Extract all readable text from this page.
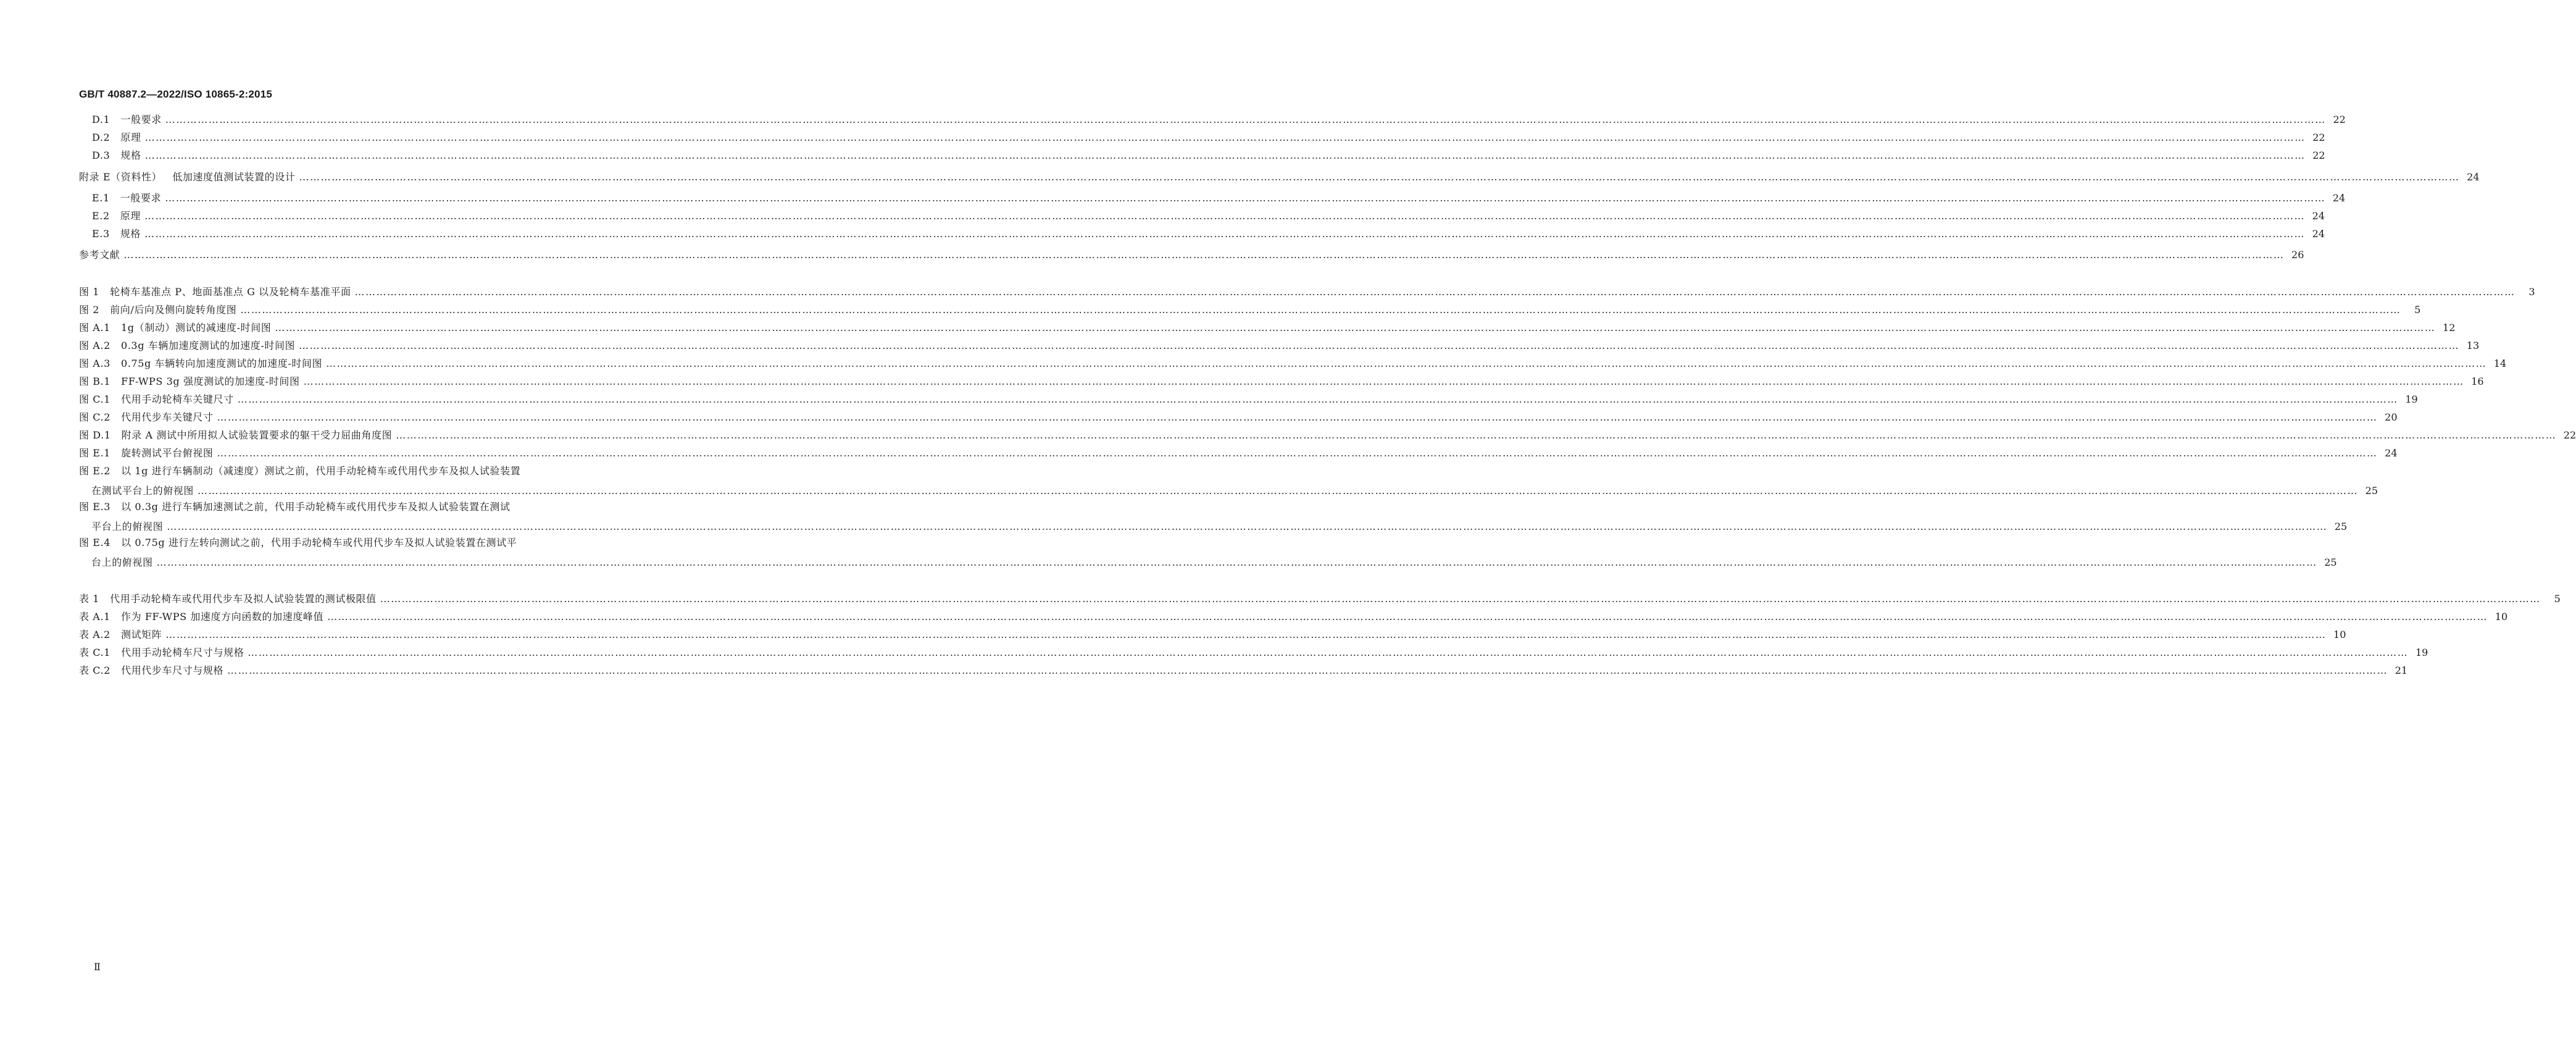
GB/T 40887.2—2022/ISO 10865-2:2015
D.1 一般要求 …………………………………………………………………………………………………………………………………………………………………………………………………………………………………………………………………………………………………………………………………………………………………………………………………………………………………………………………………………………………………………………………………………………… 22
D.2 原理 …………………………………………………………………………………………………………………………………………………………………………………………………………………………………………………………………………………………………………………………………………………………………………………………………………………………………………………………………………………………………………………………………………………… 22
D.3 规格 …………………………………………………………………………………………………………………………………………………………………………………………………………………………………………………………………………………………………………………………………………………………………………………………………………………………………………………………………………………………………………………………………………………… 22
附录 E（资料性） 低加速度值测试装置的设计 …………………………………………………………………………………………………………………………………………………………………………………………………………………………………………………………………………………………………………………………………………………………………………………………………………………………………………………………………………………………………………………………………………………… 24
E.1 一般要求 …………………………………………………………………………………………………………………………………………………………………………………………………………………………………………………………………………………………………………………………………………………………………………………………………………………………………………………………………………………………………………………………………………………… 24
E.2 原理 …………………………………………………………………………………………………………………………………………………………………………………………………………………………………………………………………………………………………………………………………………………………………………………………………………………………………………………………………………………………………………………………………………………… 24
E.3 规格 …………………………………………………………………………………………………………………………………………………………………………………………………………………………………………………………………………………………………………………………………………………………………………………………………………………………………………………………………………………………………………………………………………………… 24
参考文献 …………………………………………………………………………………………………………………………………………………………………………………………………………………………………………………………………………………………………………………………………………………………………………………………………………………………………………………………………………………………………………………………………………………… 26
图 1 轮椅车基准点 P、地面基准点 G 以及轮椅车基准平面 ……………………………………………………………………………………………………………………………………………………………………………………………………………………………………………………………………………………………………………………………………………………………………………………………………………………………………………………………………………………………………………………………………………………	3
图 2 前向/后向及侧向旋转角度图 ……………………………………………………………………………………………………………………………………………………………………………………………………………………………………………………………………………………………………………………………………………………………………………………………………………………………………………………………………………………………………………………………………………………	5
图 A.1 1g（制动）测试的减速度-时间图 …………………………………………………………………………………………………………………………………………………………………………………………………………………………………………………………………………………………………………………………………………………………………………………………………………………………………………………………………………………………………………………………………………………… 12
图 A.2 0.3g 车辆加速度测试的加速度-时间图 …………………………………………………………………………………………………………………………………………………………………………………………………………………………………………………………………………………………………………………………………………………………………………………………………………………………………………………………………………………………………………………………………………………… 13
图 A.3 0.75g 车辆转向加速度测试的加速度-时间图 …………………………………………………………………………………………………………………………………………………………………………………………………………………………………………………………………………………………………………………………………………………………………………………………………………………………………………………………………………………………………………………………………………………… 14
图 B.1 FF-WPS 3g 强度测试的加速度-时间图 …………………………………………………………………………………………………………………………………………………………………………………………………………………………………………………………………………………………………………………………………………………………………………………………………………………………………………………………………………………………………………………………………………………… 16
图 C.1 代用手动轮椅车关键尺寸 …………………………………………………………………………………………………………………………………………………………………………………………………………………………………………………………………………………………………………………………………………………………………………………………………………………………………………………………………………………………………………………………………………………… 19
图 C.2 代用代步车关键尺寸 …………………………………………………………………………………………………………………………………………………………………………………………………………………………………………………………………………………………………………………………………………………………………………………………………………………………………………………………………………………………………………………………………………………… 20
图 D.1 附录 A 测试中所用拟人试验装置要求的躯干受力屈曲角度图 …………………………………………………………………………………………………………………………………………………………………………………………………………………………………………………………………………………………………………………………………………………………………………………………………………………………………………………………………………………………………………………………………………………… 22
图 E.1 旋转测试平台俯视图 …………………………………………………………………………………………………………………………………………………………………………………………………………………………………………………………………………………………………………………………………………………………………………………………………………………………………………………………………………………………………………………………………………………… 24
图 E.2 以 1g 进行车辆制动（减速度）测试之前，代用手动轮椅车或代用代步车及拟人试验装置
在测试平台上的俯视图 …………………………………………………………………………………………………………………………………………………………………………………………………………………………………………………………………………………………………………………………………………………………………………………………………………………………………………………………………………………………………………………………………………………… 25
图 E.3 以 0.3g 进行车辆加速测试之前，代用手动轮椅车或代用代步车及拟人试验装置在测试
平台上的俯视图 …………………………………………………………………………………………………………………………………………………………………………………………………………………………………………………………………………………………………………………………………………………………………………………………………………………………………………………………………………………………………………………………………………………… 25
图 E.4 以 0.75g 进行左转向测试之前，代用手动轮椅车或代用代步车及拟人试验装置在测试平
台上的俯视图 …………………………………………………………………………………………………………………………………………………………………………………………………………………………………………………………………………………………………………………………………………………………………………………………………………………………………………………………………………………………………………………………………………………… 25
表 1 代用手动轮椅车或代用代步车及拟人试验装置的测试极限值 ……………………………………………………………………………………………………………………………………………………………………………………………………………………………………………………………………………………………………………………………………………………………………………………………………………………………………………………………………………………………………………………………………………………	5
表 A.1 作为 FF-WPS 加速度方向函数的加速度峰值 …………………………………………………………………………………………………………………………………………………………………………………………………………………………………………………………………………………………………………………………………………………………………………………………………………………………………………………………………………………………………………………………………………………… 10
表 A.2 测试矩阵 …………………………………………………………………………………………………………………………………………………………………………………………………………………………………………………………………………………………………………………………………………………………………………………………………………………………………………………………………………………………………………………………………………………… 10
表 C.1 代用手动轮椅车尺寸与规格 …………………………………………………………………………………………………………………………………………………………………………………………………………………………………………………………………………………………………………………………………………………………………………………………………………………………………………………………………………………………………………………………………………………… 19
表 C.2 代用代步车尺寸与规格 …………………………………………………………………………………………………………………………………………………………………………………………………………………………………………………………………………………………………………………………………………………………………………………………………………………………………………………………………………………………………………………………………………………… 21
Ⅱ
